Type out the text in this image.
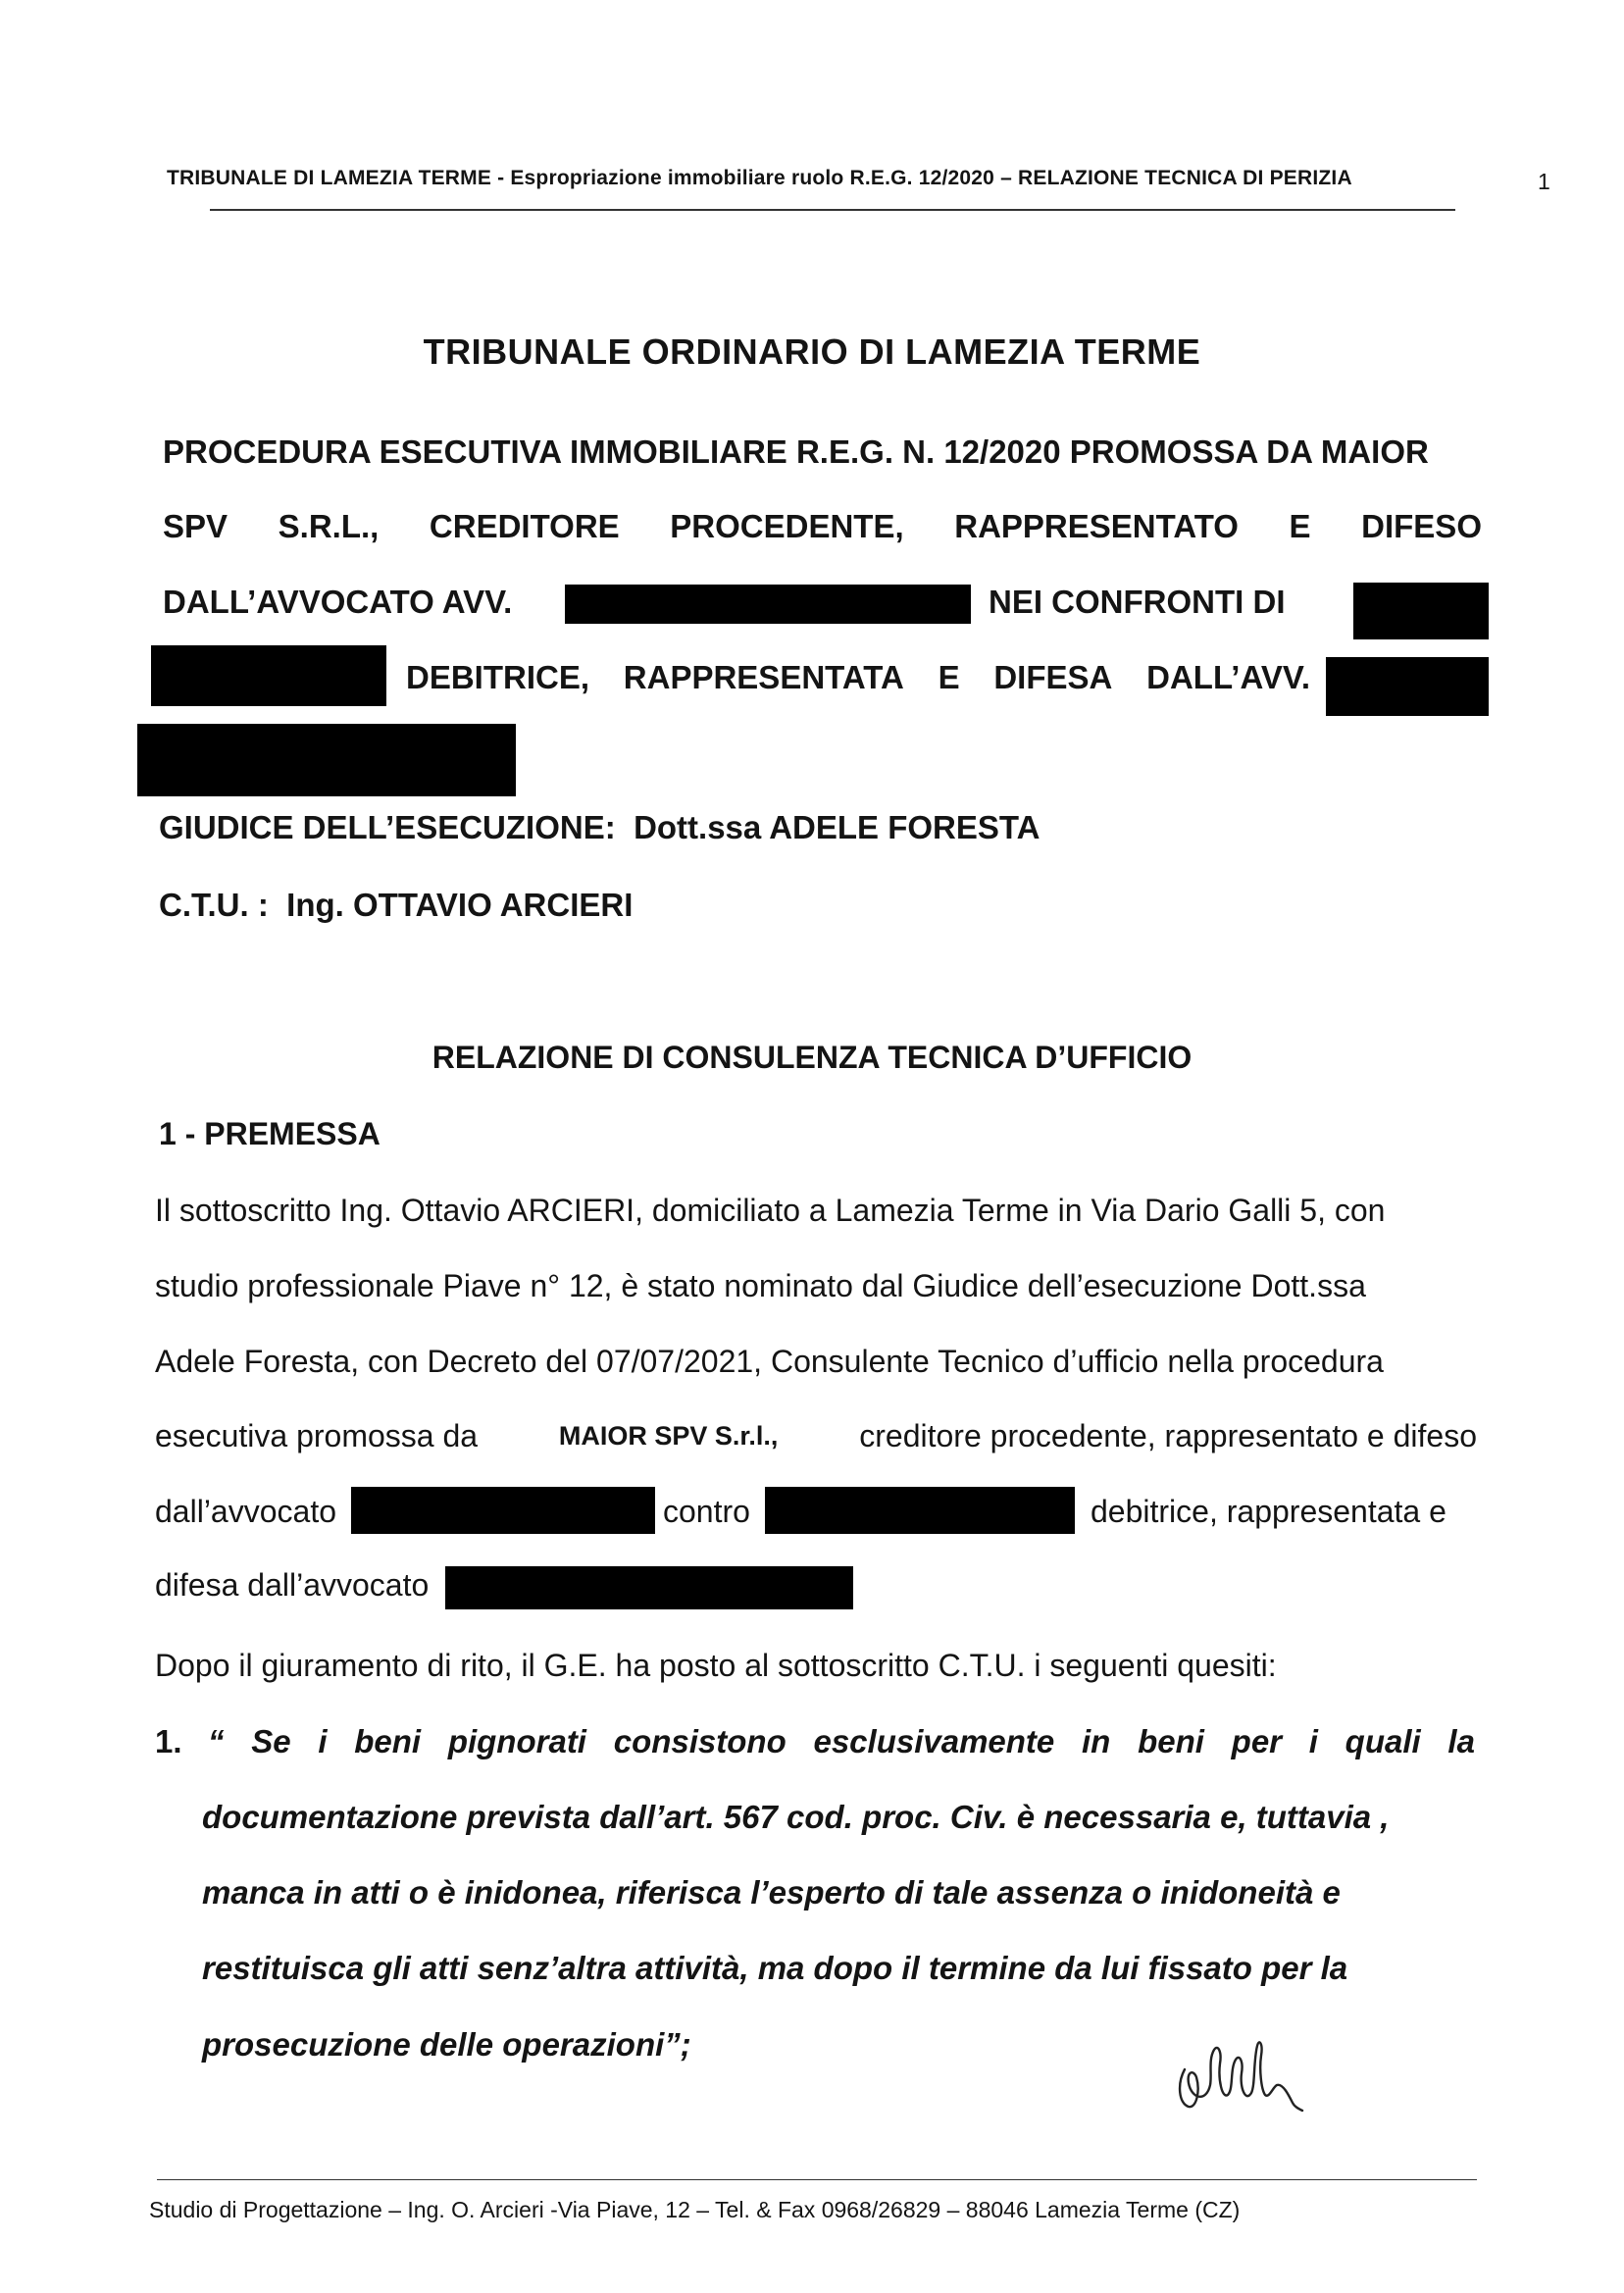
TRIBUNALE DI LAMEZIA TERME - Espropriazione immobiliare ruolo R.E.G. 12/2020 – RELAZIONE TECNICA DI PERIZIA	1
TRIBUNALE ORDINARIO DI LAMEZIA TERME
PROCEDURA ESECUTIVA IMMOBILIARE R.E.G. N. 12/2020 PROMOSSA DA MAIOR
SPV S.R.L., CREDITORE PROCEDENTE, RAPPRESENTATO E DIFESO
DALL’AVVOCATO AVV.	NEI CONFRONTI DI
DEBITRICE, RAPPRESENTATA E DIFESA DALL’AVV.
GIUDICE DELL’ESECUZIONE: Dott.ssa ADELE FORESTA
C.T.U. : Ing. OTTAVIO ARCIERI
RELAZIONE DI CONSULENZA TECNICA D’UFFICIO
1 - PREMESSA
Il sottoscritto Ing. Ottavio ARCIERI, domiciliato a Lamezia Terme in Via Dario Galli 5, con
studio professionale Piave n° 12, è stato nominato dal Giudice dell’esecuzione Dott.ssa
Adele Foresta, con Decreto del 07/07/2021, Consulente Tecnico d’ufficio nella procedura
esecutiva promossa da	MAIOR SPV S.r.l.,	creditore procedente, rappresentato e difeso
dall’avvocato	contro	debitrice, rappresentata e
difesa dall’avvocato
Dopo il giuramento di rito, il G.E. ha posto al sottoscritto C.T.U. i seguenti quesiti:
1. “ Se i beni pignorati consistono esclusivamente in beni per i quali la
documentazione prevista dall’art. 567 cod. proc. Civ. è necessaria e, tuttavia ,
manca in atti o è inidonea, riferisca l’esperto di tale assenza o inidoneità e
restituisca gli atti senz’altra attività, ma dopo il termine da lui fissato per la
prosecuzione delle operazioni”;
Studio di Progettazione – Ing. O. Arcieri -Via Piave, 12 – Tel. & Fax 0968/26829 – 88046 Lamezia Terme (CZ)
